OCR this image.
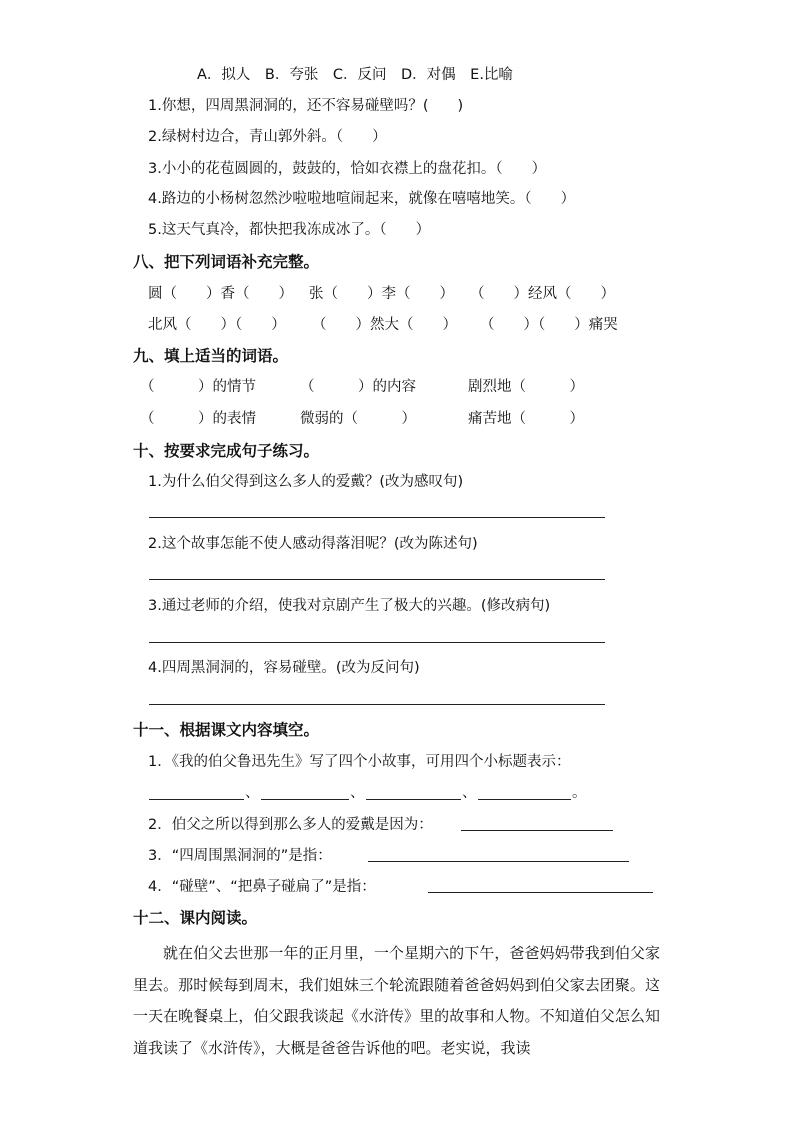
A．拟人　B．夸张　C．反问　D．对偶　E.比喻
1.你想，四周黑洞洞的，还不容易碰壁吗？(　　)
2.绿树村边合，青山郭外斜。（　　）
3.小小的花苞圆圆的，鼓鼓的，恰如衣襟上的盘花扣。（　　）
4.路边的小杨树忽然沙啦啦地喧闹起来，就像在嘻嘻地笑。（　　）
5.这天气真冷，都快把我冻成冰了。（　　）
八、把下列词语补充完整。
圆（　　）香（　　） 张（　　）李（　　） （　　）经风（　　）
北风（　　）（　　） （　　）然大（　　） （　　）（　　）痛哭
九、填上适当的词语。
（　　　）的情节	（　　　）的内容	剧烈地（　　　）
（　　　）的表情	微弱的（　　　）	痛苦地（　　　）
十、按要求完成句子练习。
1.为什么伯父得到这么多人的爱戴？(改为感叹句)
2.这个故事怎能不使人感动得落泪呢？(改为陈述句)
3.通过老师的介绍，使我对京剧产生了极大的兴趣。(修改病句)
4.四周黑洞洞的，容易碰壁。(改为反问句)
十一、根据课文内容填空。
1．《我的伯父鲁迅先生》写了四个小故事，可用四个小标题表示：
、	、	、	。
2．伯父之所以得到那么多人的爱戴是因为：
3．“四周围黑洞洞的”是指：
4．“碰壁”、“把鼻子碰扁了”是指：
十二、课内阅读。
就在伯父去世那一年的正月里，一个星期六的下午，爸爸妈妈带我到伯父家里去。那时候每到周末，我们姐妹三个轮流跟随着爸爸妈妈到伯父家去团聚。这一天在晚餐桌上，伯父跟我谈起《水浒传》里的故事和人物。不知道伯父怎么知道我读了《水浒传》，大概是爸爸告诉他的吧。老实说，我读
